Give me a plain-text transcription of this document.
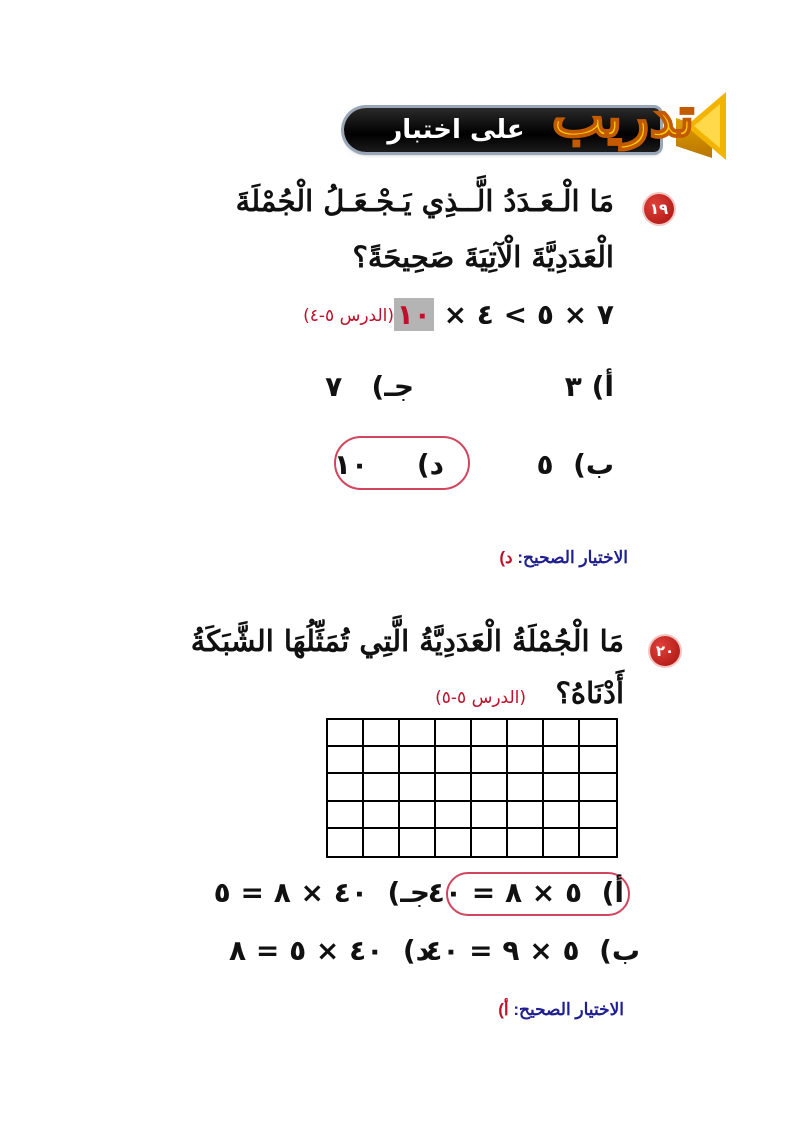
على اختبار تدريب
١٩
مَا الْـعَـدَدُ الَّــذِي يَـجْـعَـلُ الْجُمْلَةَ
الْعَدَدِيَّةَ الْآتِيَةَ صَحِيحَةً؟
٧ × ٥ > ٤ × ١٠
(الدرس ٥-٤)
أ) ٣
جـ)   ٧
ب)  ٥
د)     ١٠
الاختيار الصحيح: د)
٢٠
مَا الْجُمْلَةُ الْعَدَدِيَّةُ الَّتِي تُمَثِّلُهَا الشَّبَكَةُ
أَدْنَاهُ؟
(الدرس ٥-٥)
أ)  ٥ × ٨ = ٤٠
جـ)  ٤٠ × ٨ = ٥
ب)  ٥ × ٩ = ٤٠
د)  ٤٠ × ٥ = ٨
الاختيار الصحيح: أ)
